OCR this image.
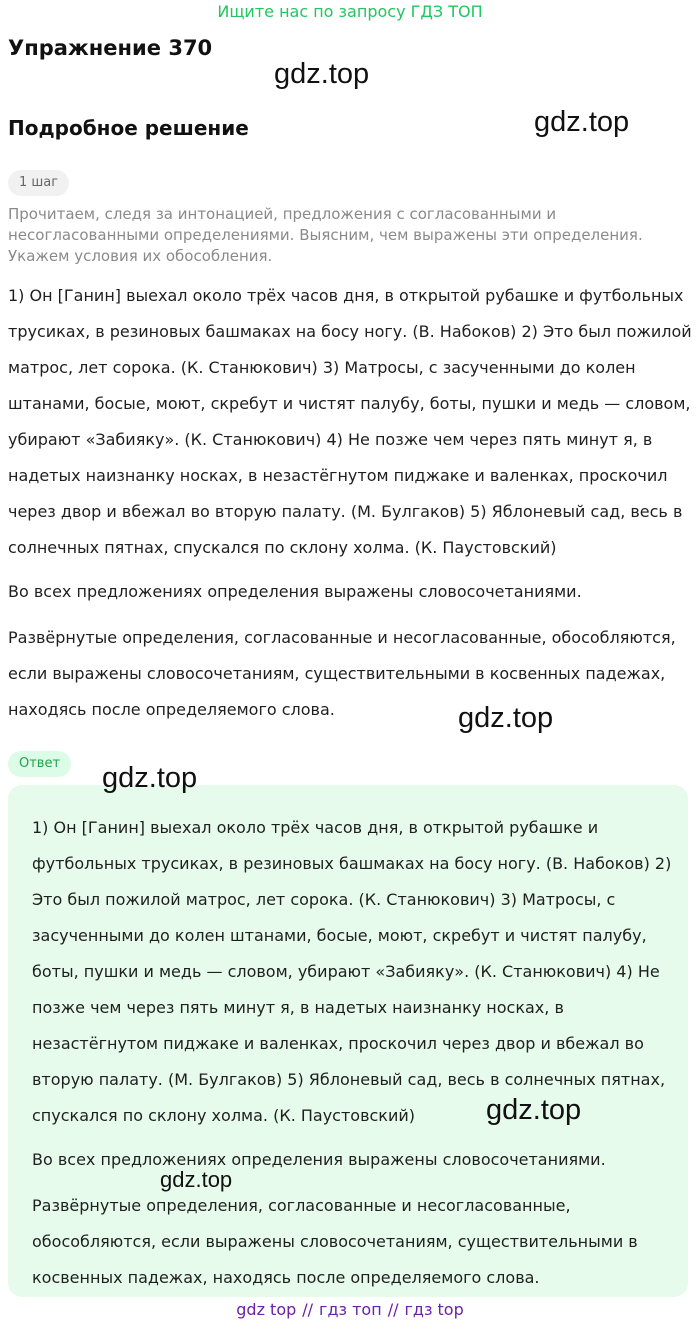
Ищите нас по запросу ГДЗ ТОП
Упражнение 370
gdz.top
Подробное решение	gdz.top
1 шаг
Прочитаем, следя за интонацией, предложения с согласованными и несогласованными определениями. Выясним, чем выражены эти определения. Укажем условия их обособления.

1) Он [Ганин] выехал около трёх часов дня, в открытой рубашке и футбольных трусиках, в резиновых башмаках на босу ногу. (В. Набоков) 2) Это был пожилой матрос, лет сорока. (К. Станюкович) 3) Матросы, с засученными до колен штанами, босые, моют, скребут и чистят палубу, боты, пушки и медь — словом, убирают «Забияку». (К. Станюкович) 4) Не позже чем через пять минут я, в надетых наизнанку носках, в незастёгнутом пиджаке и валенках, проскочил через двор и вбежал во вторую палату. (М. Булгаков) 5) Яблоневый сад, весь в солнечных пятнах, спускался по склону холма. (К. Паустовский)

Во всех предложениях определения выражены словосочетаниями.

Развёрнутые определения, согласованные и несогласованные, обособляются, если выражены словосочетаниям, существительными в косвенных падежах, находясь после определяемого слова.	gdz.top
Ответ	gdz.top

1) Он [Ганин] выехал около трёх часов дня, в открытой рубашке и футбольных трусиках, в резиновых башмаках на босу ногу. (В. Набоков) 2) Это был пожилой матрос, лет сорока. (К. Станюкович) 3) Матросы, с засученными до колен штанами, босые, моют, скребут и чистят палубу, боты, пушки и медь — словом, убирают «Забияку». (К. Станюкович) 4) Не позже чем через пять минут я, в надетых наизнанку носках, в незастёгнутом пиджаке и валенках, проскочил через двор и вбежал во вторую палату. (М. Булгаков) 5) Яблоневый сад, весь в солнечных пятнах, спускался по склону холма. (К. Паустовский)	gdz.top

Во всех предложениях определения выражены словосочетаниями.

gdz.top

Развёрнутые определения, согласованные и несогласованные, обособляются, если выражены словосочетаниям, существительными в косвенных падежах, находясь после определяемого слова.

gdz top // гдз топ // гдз top
